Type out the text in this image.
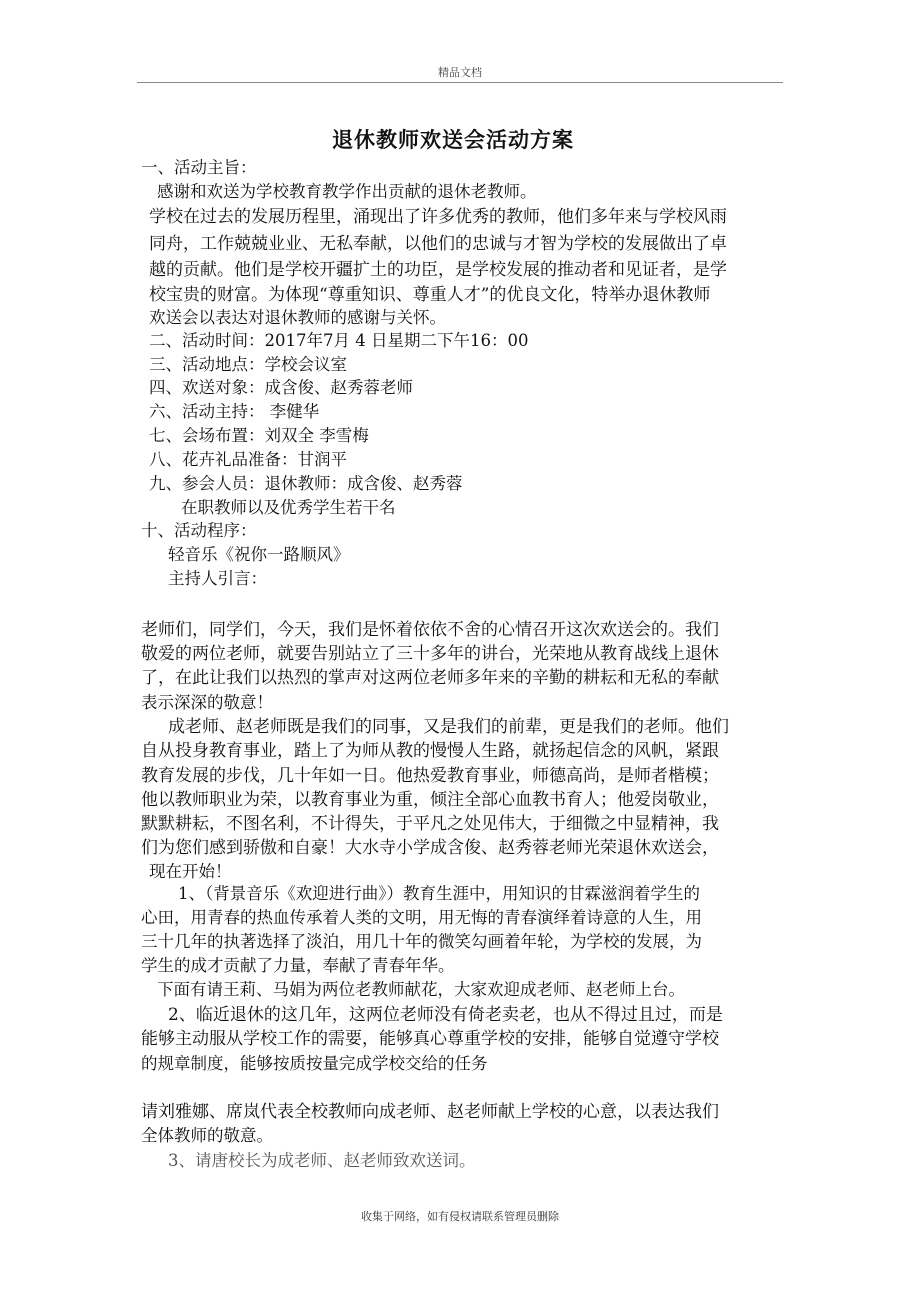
精品文档
退休教师欢送会活动方案
一、活动主旨：
感谢和欢送为学校教育教学作出贡献的退休老教师。
学校在过去的发展历程里，涌现出了许多优秀的教师，他们多年来与学校风雨
同舟，工作兢兢业业、无私奉献，以他们的忠诚与才智为学校的发展做出了卓
越的贡献。他们是学校开疆扩土的功臣，是学校发展的推动者和见证者，是学
校宝贵的财富。为体现“尊重知识、尊重人才”的优良文化，特举办退休教师
欢送会以表达对退休教师的感谢与关怀。
二、活动时间：2017年7月 4 日星期二下午16：00
三、活动地点：学校会议室
四、欢送对象：成含俊、赵秀蓉老师
六、活动主持： 李健华
七、会场布置：刘双全 李雪梅
八、花卉礼品准备：甘润平
九、参会人员：退休教师：成含俊、赵秀蓉
在职教师以及优秀学生若干名
十、活动程序：
轻音乐《祝你一路顺风》
主持人引言：
老师们，同学们，今天，我们是怀着依依不舍的心情召开这次欢送会的。我们
敬爱的两位老师，就要告别站立了三十多年的讲台，光荣地从教育战线上退休
了，在此让我们以热烈的掌声对这两位老师多年来的辛勤的耕耘和无私的奉献
表示深深的敬意！
成老师、赵老师既是我们的同事，又是我们的前辈，更是我们的老师。他们
自从投身教育事业，踏上了为师从教的慢慢人生路，就扬起信念的风帆，紧跟
教育发展的步伐，几十年如一日。他热爱教育事业，师德高尚，是师者楷模；
他以教师职业为荣，以教育事业为重，倾注全部心血教书育人；他爱岗敬业，
默默耕耘，不图名利，不计得失，于平凡之处见伟大，于细微之中显精神，我
们为您们感到骄傲和自豪！大水寺小学成含俊、赵秀蓉老师光荣退休欢送会，
现在开始！
1、（背景音乐《欢迎进行曲》）教育生涯中，用知识的甘霖滋润着学生的
心田，用青春的热血传承着人类的文明，用无悔的青春演绎着诗意的人生，用
三十几年的执著选择了淡泊，用几十年的微笑勾画着年轮，为学校的发展，为
学生的成才贡献了力量，奉献了青春年华。
下面有请王莉、马娟为两位老教师献花，大家欢迎成老师、赵老师上台。
2、临近退休的这几年，这两位老师没有倚老卖老，也从不得过且过，而是
能够主动服从学校工作的需要，能够真心尊重学校的安排，能够自觉遵守学校
的规章制度，能够按质按量完成学校交给的任务
请刘雅娜、席岚代表全校教师向成老师、赵老师献上学校的心意，以表达我们
全体教师的敬意。
3、请唐校长为成老师、赵老师致欢送词。
收集于网络，如有侵权请联系管理员删除
